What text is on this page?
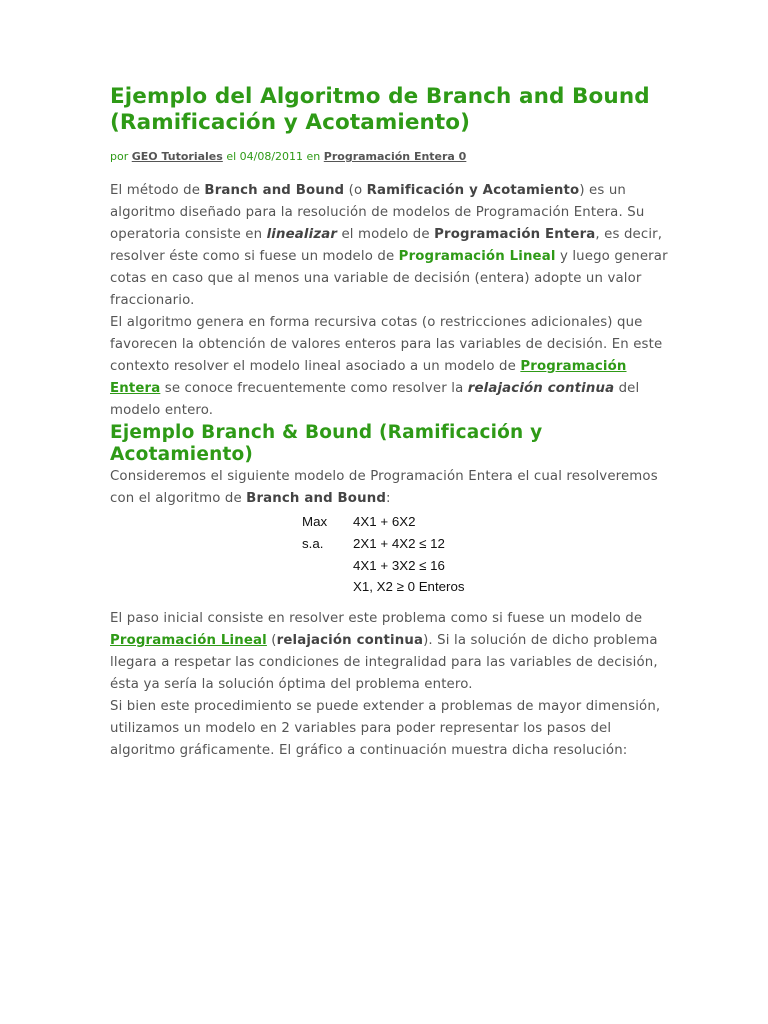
Ejemplo del Algoritmo de Branch and Bound (Ramificación y Acotamiento)
por GEO Tutoriales el 04/08/2011 en Programación Entera 0

El método de Branch and Bound (o Ramificación y Acotamiento) es un algoritmo diseñado para la resolución de modelos de Programación Entera. Su operatoria consiste en linealizar el modelo de Programación Entera, es decir, resolver éste como si fuese un modelo de Programación Lineal y luego generar cotas en caso que al menos una variable de decisión (entera) adopte un valor fraccionario.

El algoritmo genera en forma recursiva cotas (o restricciones adicionales) que favorecen la obtención de valores enteros para las variables de decisión. En este contexto resolver el modelo lineal asociado a un modelo de Programación Entera se conoce frecuentemente como resolver la relajación continua del modelo entero.

Ejemplo Branch & Bound (Ramificación y Acotamiento)

Consideremos el siguiente modelo de Programación Entera el cual resolveremos con el algoritmo de Branch and Bound:

Max 4X1 + 6X2
s.a. 2X1 + 4X2 ≤ 12
4X1 + 3X2 ≤ 16
X1, X2 ≥ 0 Enteros

El paso inicial consiste en resolver este problema como si fuese un modelo de Programación Lineal (relajación continua). Si la solución de dicho problema llegara a respetar las condiciones de integralidad para las variables de decisión, ésta ya sería la solución óptima del problema entero.

Si bien este procedimiento se puede extender a problemas de mayor dimensión, utilizamos un modelo en 2 variables para poder representar los pasos del algoritmo gráficamente. El gráfico a continuación muestra dicha resolución:
